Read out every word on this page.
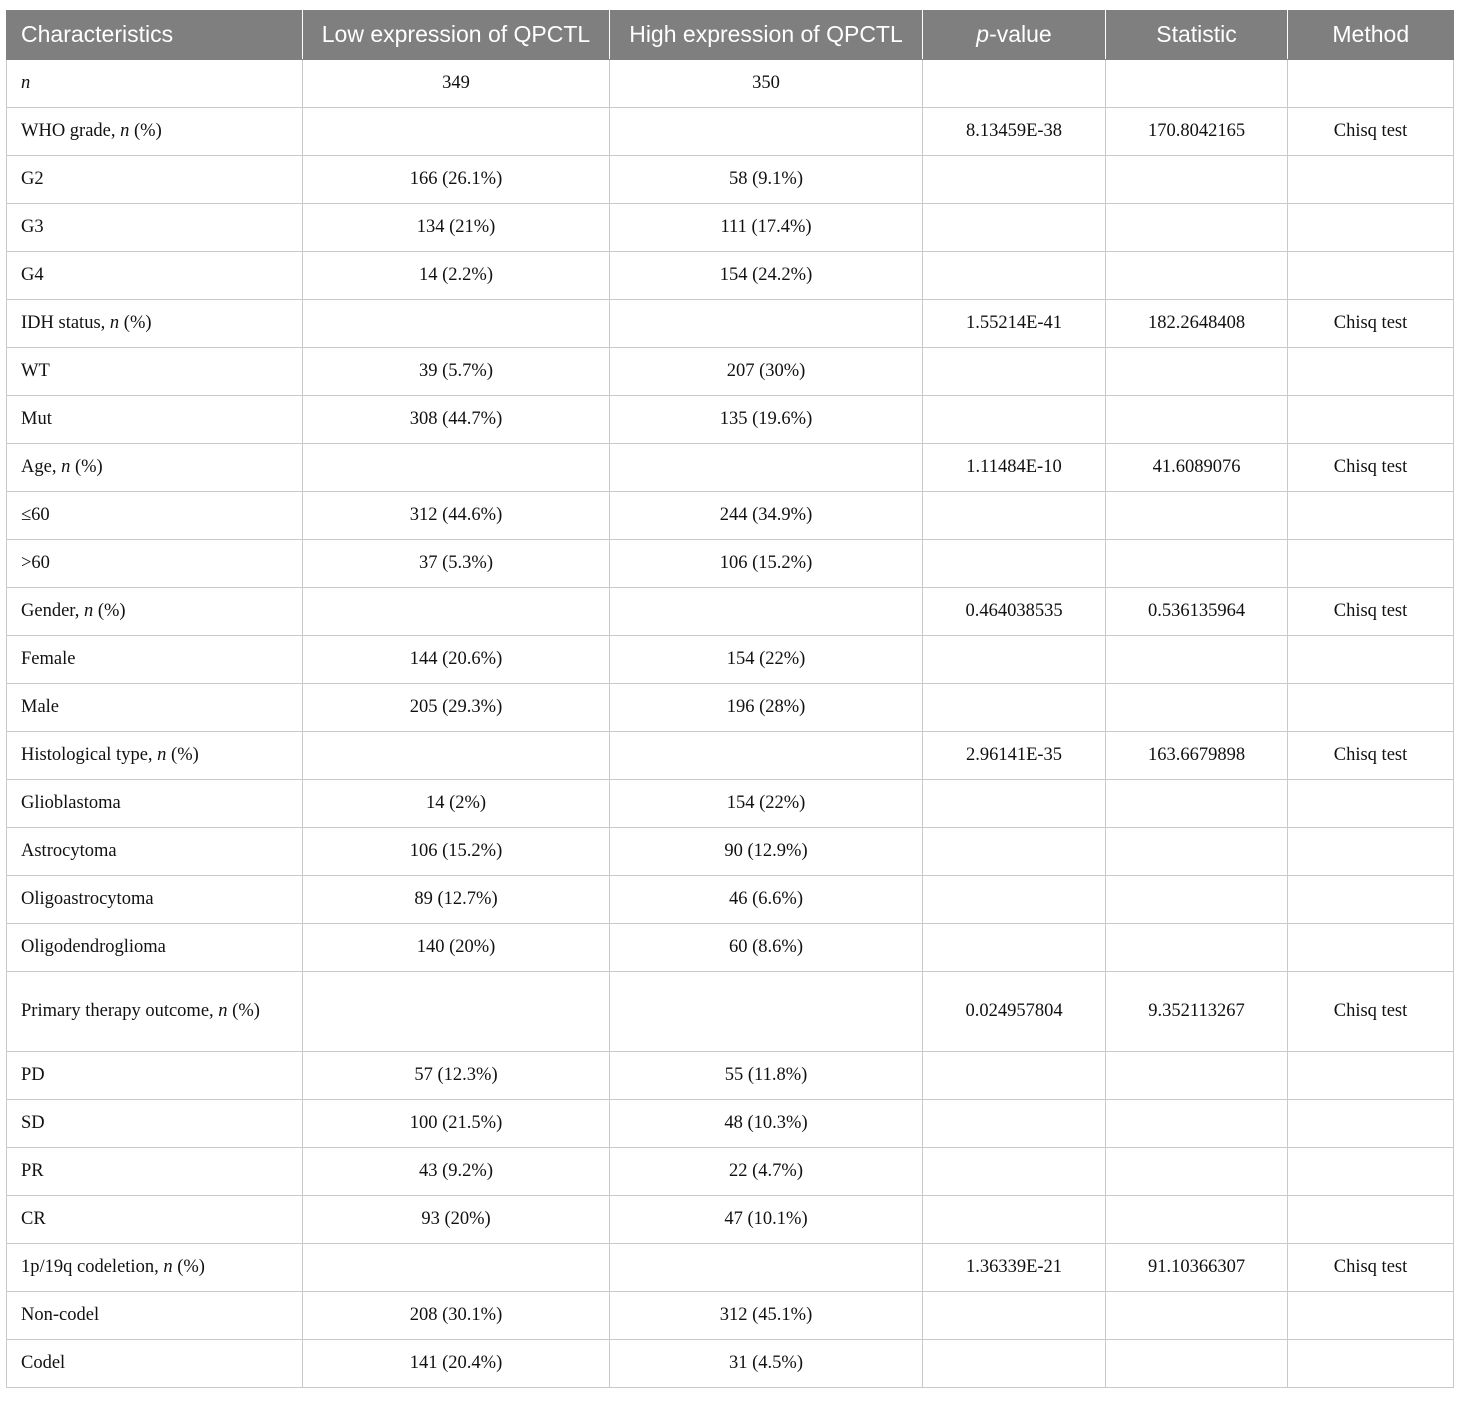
Characteristics	Low expression of QPCTL	High expression of QPCTL	p-value	Statistic	Method
n	349	350			
WHO grade, n (%)			8.13459E-38	170.8042165	Chisq test
G2	166 (26.1%)	58 (9.1%)			
G3	134 (21%)	111 (17.4%)			
G4	14 (2.2%)	154 (24.2%)			
IDH status, n (%)			1.55214E-41	182.2648408	Chisq test
WT	39 (5.7%)	207 (30%)			
Mut	308 (44.7%)	135 (19.6%)			
Age, n (%)			1.11484E-10	41.6089076	Chisq test
≤60	312 (44.6%)	244 (34.9%)			
>60	37 (5.3%)	106 (15.2%)			
Gender, n (%)			0.464038535	0.536135964	Chisq test
Female	144 (20.6%)	154 (22%)			
Male	205 (29.3%)	196 (28%)			
Histological type, n (%)			2.96141E-35	163.6679898	Chisq test
Glioblastoma	14 (2%)	154 (22%)			
Astrocytoma	106 (15.2%)	90 (12.9%)			
Oligoastrocytoma	89 (12.7%)	46 (6.6%)			
Oligodendroglioma	140 (20%)	60 (8.6%)			
Primary therapy outcome, n (%)			0.024957804	9.352113267	Chisq test
PD	57 (12.3%)	55 (11.8%)			
SD	100 (21.5%)	48 (10.3%)			
PR	43 (9.2%)	22 (4.7%)			
CR	93 (20%)	47 (10.1%)			
1p/19q codeletion, n (%)			1.36339E-21	91.10366307	Chisq test
Non-codel	208 (30.1%)	312 (45.1%)			
Codel	141 (20.4%)	31 (4.5%)			
